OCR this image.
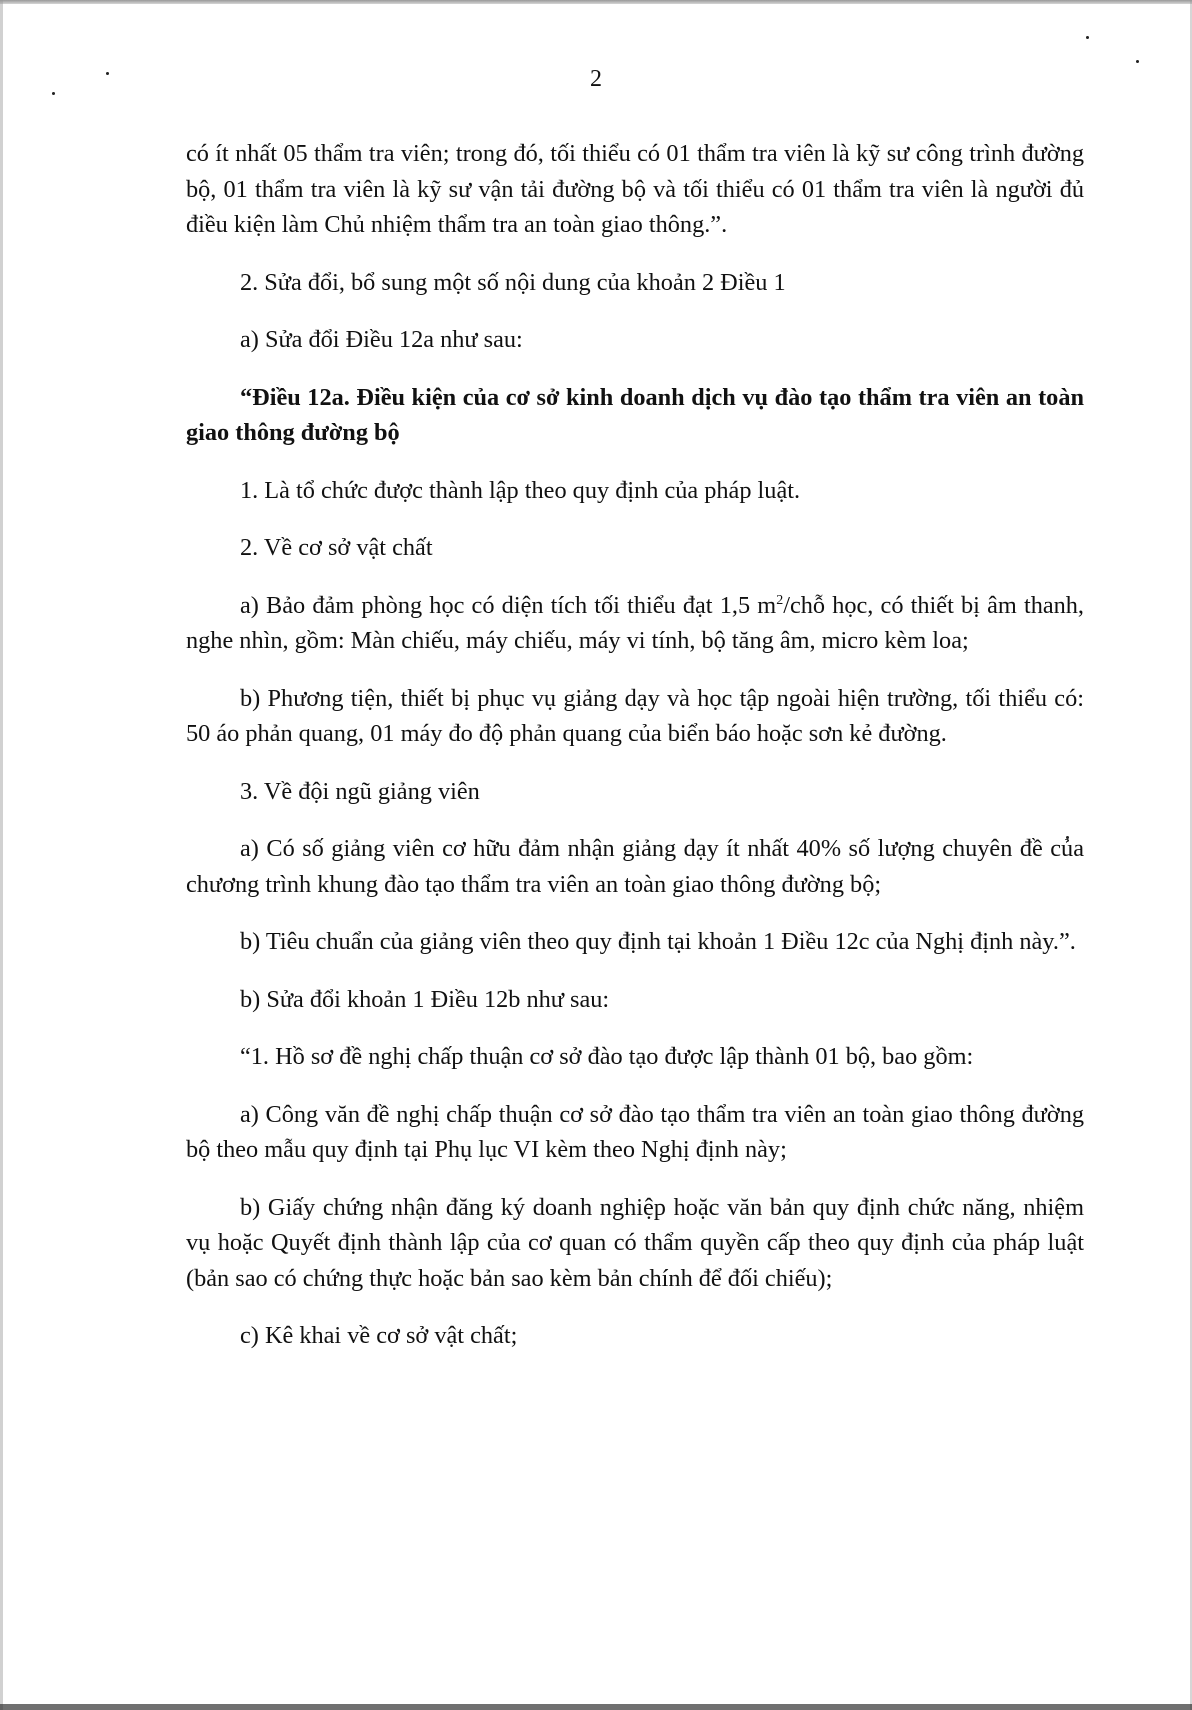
2

có ít nhất 05 thẩm tra viên; trong đó, tối thiểu có 01 thẩm tra viên là kỹ sư công trình đường bộ, 01 thẩm tra viên là kỹ sư vận tải đường bộ và tối thiểu có 01 thẩm tra viên là người đủ điều kiện làm Chủ nhiệm thẩm tra an toàn giao thông.”.

2. Sửa đổi, bổ sung một số nội dung của khoản 2 Điều 1

a) Sửa đổi Điều 12a như sau:

“Điều 12a. Điều kiện của cơ sở kinh doanh dịch vụ đào tạo thẩm tra viên an toàn giao thông đường bộ

1. Là tổ chức được thành lập theo quy định của pháp luật.

2. Về cơ sở vật chất

a) Bảo đảm phòng học có diện tích tối thiểu đạt 1,5 $m^2$/chỗ học, có thiết bị âm thanh, nghe nhìn, gồm: Màn chiếu, máy chiếu, máy vi tính, bộ tăng âm, micro kèm loa;

b) Phương tiện, thiết bị phục vụ giảng dạy và học tập ngoài hiện trường, tối thiểu có: 50 áo phản quang, 01 máy đo độ phản quang của biển báo hoặc sơn kẻ đường.

3. Về đội ngũ giảng viên

a) Có số giảng viên cơ hữu đảm nhận giảng dạy ít nhất 40% số lượng chuyên đề của chương trình khung đào tạo thẩm tra viên an toàn giao thông đường bộ;

b) Tiêu chuẩn của giảng viên theo quy định tại khoản 1 Điều 12c của Nghị định này.”.

b) Sửa đổi khoản 1 Điều 12b như sau:

“1. Hồ sơ đề nghị chấp thuận cơ sở đào tạo được lập thành 01 bộ, bao gồm:

a) Công văn đề nghị chấp thuận cơ sở đào tạo thẩm tra viên an toàn giao thông đường bộ theo mẫu quy định tại Phụ lục VI kèm theo Nghị định này;

b) Giấy chứng nhận đăng ký doanh nghiệp hoặc văn bản quy định chức năng, nhiệm vụ hoặc Quyết định thành lập của cơ quan có thẩm quyền cấp theo quy định của pháp luật (bản sao có chứng thực hoặc bản sao kèm bản chính để đối chiếu);

c) Kê khai về cơ sở vật chất;
